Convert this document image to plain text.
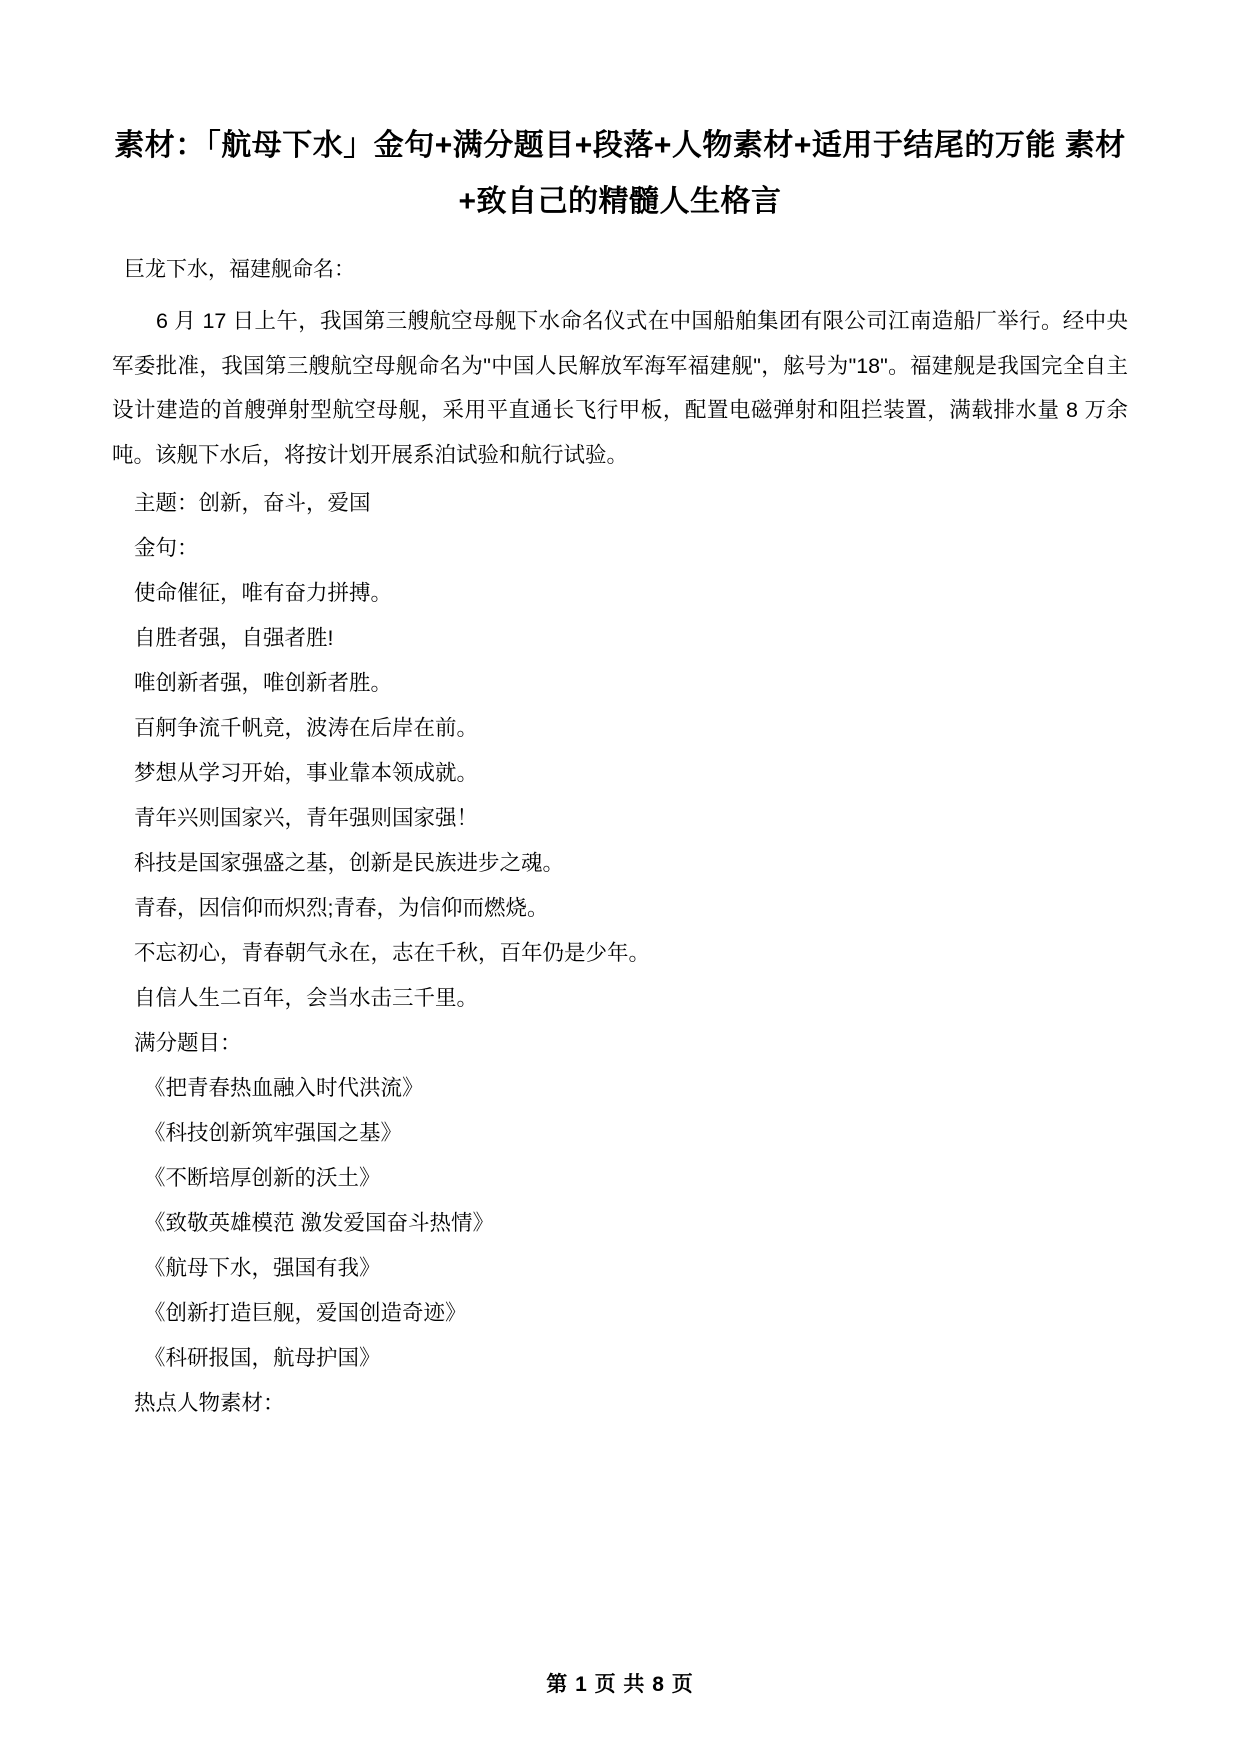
素材：「航母下水」金句+满分题目+段落+人物素材+适用于结尾的万能 素材+致自己的精髓人生格言

巨龙下水，福建舰命名：

6 月 17 日上午，我国第三艘航空母舰下水命名仪式在中国船舶集团有限公司江南造船厂举行。经中央军委批准，我国第三艘航空母舰命名为"中国人民解放军海军福建舰"，舷号为"18"。福建舰是我国完全自主设计建造的首艘弹射型航空母舰，采用平直通长飞行甲板，配置电磁弹射和阻拦装置，满载排水量 8 万余吨。该舰下水后，将按计划开展系泊试验和航行试验。

主题：创新，奋斗，爱国

金句：

使命催征，唯有奋力拼搏。

自胜者强，自强者胜!

唯创新者强，唯创新者胜。

百舸争流千帆竞，波涛在后岸在前。

梦想从学习开始，事业靠本领成就。

青年兴则国家兴，青年强则国家强！

科技是国家强盛之基，创新是民族进步之魂。

青春，因信仰而炽烈;青春，为信仰而燃烧。

不忘初心，青春朝气永在，志在千秋，百年仍是少年。

自信人生二百年，会当水击三千里。

满分题目：

《把青春热血融入时代洪流》

《科技创新筑牢强国之基》

《不断培厚创新的沃土》

《致敬英雄模范 激发爱国奋斗热情》

《航母下水，强国有我》

《创新打造巨舰，爱国创造奇迹》

《科研报国，航母护国》

热点人物素材：

第 1 页 共 8 页
